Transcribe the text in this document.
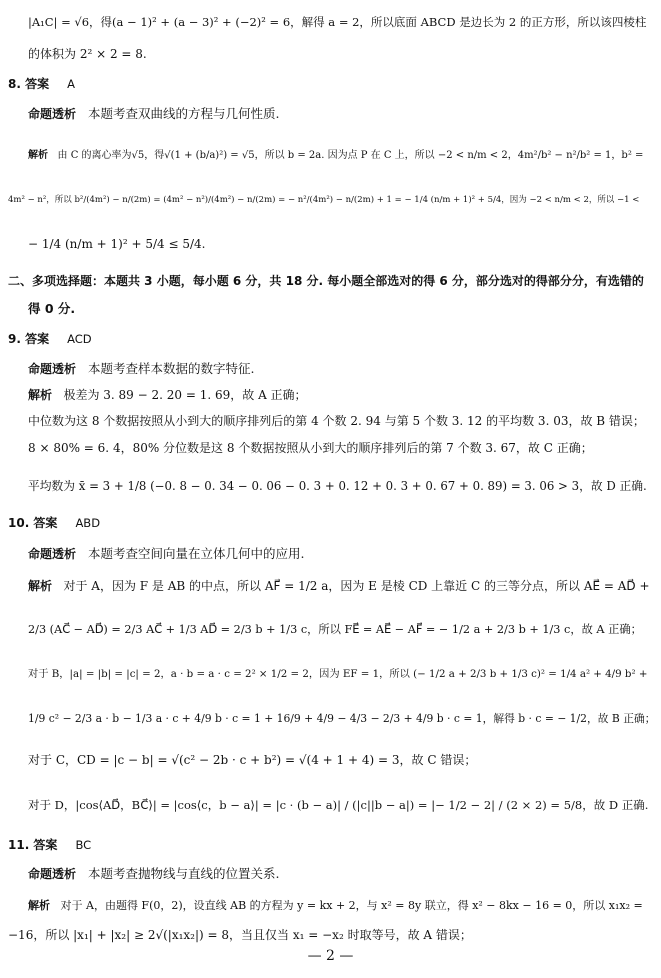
|A₁C| = √6，得(a − 1)² + (a − 3)² + (−2)² = 6，解得 a = 2，所以底面 ABCD 是边长为 2 的正方形，所以该四棱柱
的体积为 2² × 2 = 8.
8. 答案 A
命题透析 本题考查双曲线的方程与几何性质.
解析 由 C 的离心率为√5，得√(1 + (b/a)²) = √5，所以 b = 2a. 因为点 P 在 C 上，所以 −2 < n/m < 2，4m²/b² − n²/b² = 1，b² =
4m² − n²，所以 b²/(4m²) − n/(2m) = (4m² − n²)/(4m²) − n/(2m) = − n²/(4m²) − n/(2m) + 1 = − 1/4 (n/m + 1)² + 5/4，因为 −2 < n/m < 2，所以 −1 <
− 1/4 (n/m + 1)² + 5/4 ≤ 5/4.
二、多项选择题：本题共 3 小题，每小题 6 分，共 18 分. 每小题全部选对的得 6 分，部分选对的得部分分，有选错的
得 0 分.
9. 答案 ACD
命题透析 本题考查样本数据的数字特征.
解析 极差为 3. 89 − 2. 20 = 1. 69，故 A 正确；
中位数为这 8 个数据按照从小到大的顺序排列后的第 4 个数 2. 94 与第 5 个数 3. 12 的平均数 3. 03，故 B 错误；
8 × 80% = 6. 4，80% 分位数是这 8 个数据按照从小到大的顺序排列后的第 7 个数 3. 67，故 C 正确；
平均数为 x̄ = 3 + 1/8 (−0. 8 − 0. 34 − 0. 06 − 0. 3 + 0. 12 + 0. 3 + 0. 67 + 0. 89) = 3. 06 > 3，故 D 正确.
10. 答案 ABD
命题透析 本题考查空间向量在立体几何中的应用.
解析 对于 A，因为 F 是 AB 的中点，所以 AF⃗ = 1/2 a，因为 E 是棱 CD 上靠近 C 的三等分点，所以 AE⃗ = AD⃗ +
2/3 (AC⃗ − AD⃗) = 2/3 AC⃗ + 1/3 AD⃗ = 2/3 b + 1/3 c，所以 FE⃗ = AE⃗ − AF⃗ = − 1/2 a + 2/3 b + 1/3 c，故 A 正确；
对于 B，|a| = |b| = |c| = 2，a · b = a · c = 2² × 1/2 = 2，因为 EF = 1，所以 (− 1/2 a + 2/3 b + 1/3 c)² = 1/4 a² + 4/9 b² +
1/9 c² − 2/3 a · b − 1/3 a · c + 4/9 b · c = 1 + 16/9 + 4/9 − 4/3 − 2/3 + 4/9 b · c = 1，解得 b · c = − 1/2，故 B 正确；
对于 C，CD = |c − b| = √(c² − 2b · c + b²) = √(4 + 1 + 4) = 3，故 C 错误；
对于 D，|cos⟨AD⃗，BC⃗⟩| = |cos⟨c，b − a⟩| = |c · (b − a)| / (|c||b − a|) = |− 1/2 − 2| / (2 × 2) = 5/8，故 D 正确.
11. 答案 BC
命题透析 本题考查抛物线与直线的位置关系.
解析 对于 A，由题得 F(0，2)，设直线 AB 的方程为 y = kx + 2，与 x² = 8y 联立，得 x² − 8kx − 16 = 0，所以 x₁x₂ =
−16，所以 |x₁| + |x₂| ≥ 2√(|x₁x₂|) = 8，当且仅当 x₁ = −x₂ 时取等号，故 A 错误；
— 2 —
